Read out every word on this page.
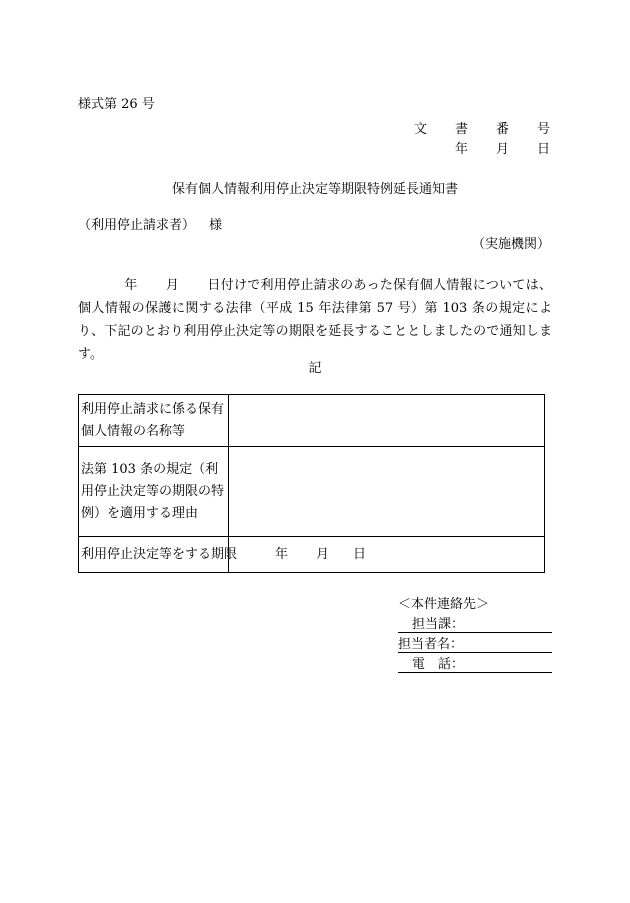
様式第 26 号
文 書 番 号
年 月 日
保有個人情報利用停止決定等期限特例延長通知書
（利用停止請求者） 様
（実施機関）
年 月 日付けで利用停止請求のあった保有個人情報については、個人情報の保護に関する法律（平成 15 年法律第 57 号）第 103 条の規定により、下記のとおり利用停止決定等の期限を延長することとしましたので通知します。
記
利用停止請求に係る保有個人情報の名称等	
法第 103 条の規定（利用停止決定等の期限の特例）を適用する理由	
利用停止決定等をする期限	年 月 日
＜本件連絡先＞
担当課：
担当者名：
電　話：
